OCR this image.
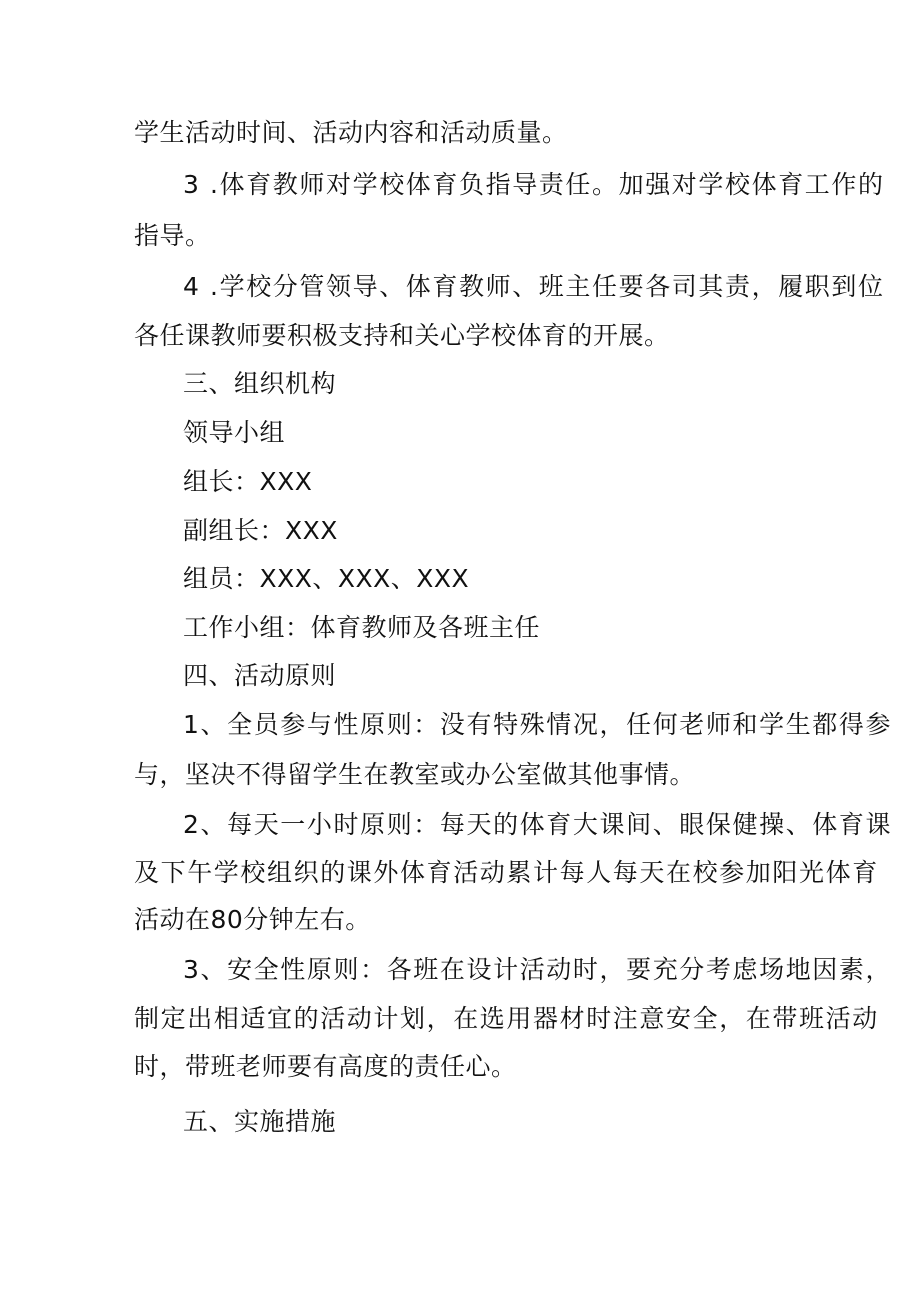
学生活动时间、活动内容和活动质量。
3 .体育教师对学校体育负指导责任。加强对学校体育工作的
指导。
4 .学校分管领导、体育教师、班主任要各司其责，履职到位
各任课教师要积极支持和关心学校体育的开展。
三、组织机构
领导小组
组长：XXX
副组长：XXX
组员：XXX、XXX、XXX
工作小组：体育教师及各班主任
四、活动原则
1、全员参与性原则：没有特殊情况，任何老师和学生都得参
与，坚决不得留学生在教室或办公室做其他事情。
2、每天一小时原则：每天的体育大课间、眼保健操、体育课
及下午学校组织的课外体育活动累计每人每天在校参加阳光体育
活动在80分钟左右。
3、安全性原则：各班在设计活动时，要充分考虑场地因素，
制定出相适宜的活动计划，在选用器材时注意安全，在带班活动
时，带班老师要有高度的责任心。
五、实施措施
